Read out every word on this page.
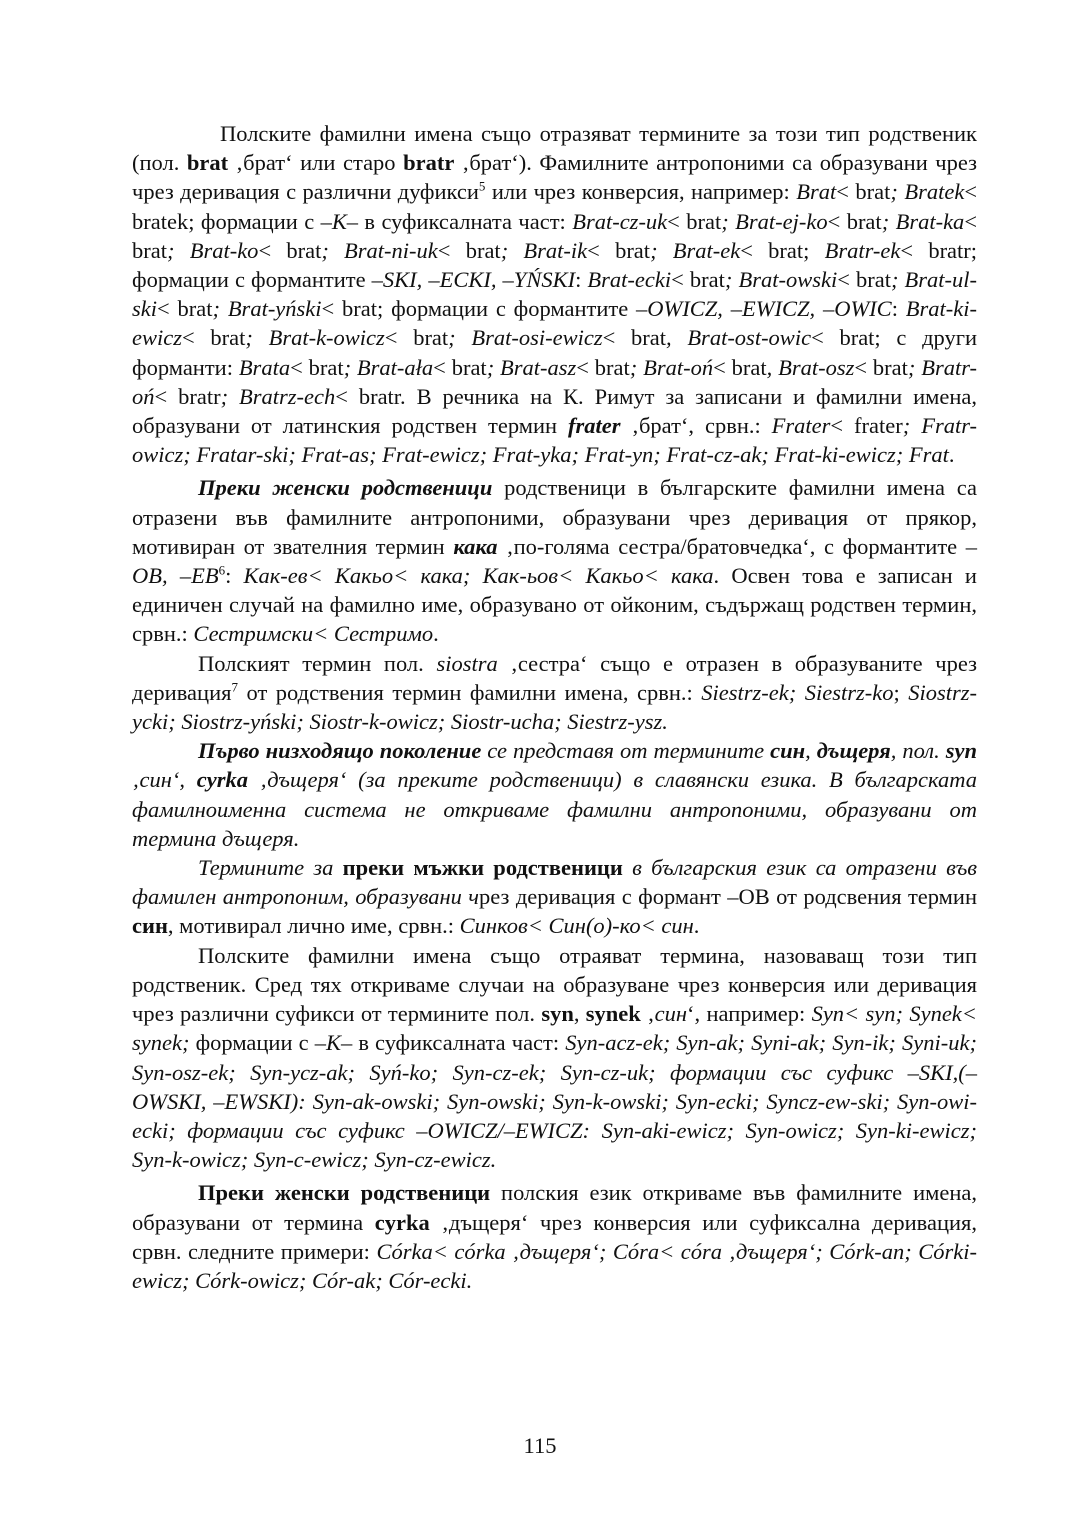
Полските фамилни имена също отразяват термините за този тип родственик (пол. brat ‚брат‘ или старо bratr ‚брат‘). Фамилните антропоними са образувани чрез чрез деривация с различни дуфикси$^5$ или чрез конверсия, например: Brat< brat; Bratek< bratek; формации с –К– в суфиксалната част: Brat-cz-uk< brat; Brat-ej-ko< brat; Brat-ka< brat; Brat-ko< brat; Brat-ni-uk< brat; Brat-ik< brat; Brat-ek< brat; Bratr-ek< bratr; формации с формантите –SKI, –ECKI, –YŃSKI: Brat-ecki< brat; Brat-owski< brat; Brat-ul-ski< brat; Brat-yński< brat; формации с формантите –OWICZ, –EWICZ, –OWIC: Brat-ki-ewicz< brat; Brat-k-owicz< brat; Brat-osi-ewicz< brat, Brat-ost-owic< brat; с други форманти: Brata< brat; Brat-ała< brat; Brat-asz< brat; Brat-oń< brat, Brat-osz< brat; Bratr-oń< bratr; Bratrz-ech< bratr. В речника на К. Римут за записани и фамилни имена, образувани от латинския родствен термин frater ‚брат‘, срвн.: Frater< frater; Fratr-owicz; Fratar-ski; Frat-as; Frat-ewicz; Frat-yka; Frat-yn; Frat-cz-ak; Frat-ki-ewicz; Frat.

Преки женски родственици родственици в българските фамилни имена са отразени във фамилните антропоними, образувани чрез деривация от прякор, мотивиран от звателния термин кака ‚по-голяма сестра/братовчедка‘, с формантите –ОВ, $-ЕВ^6$: Как-ев< Какьо< кака; Как-ьов< Какьо< кака. Освен това е записан и единичен случай на фамилно име, образувано от ойконим, съдържащ родствен термин, срвн.: Сестримски< Сестримо.

Полският термин пол. siostra ‚сестра‘ също е отразен в образуваните чрез деривация$^7$ от родствения термин фамилни имена, срвн.: Siestrz-ek; Siestrz-ko; Siostrz-ycki; Siostrz-yński; Siostr-k-owicz; Siostr-ucha; Siestrz-ysz.

Първо низходящо поколение се представя от термините син, дъщеря, пол. syn ‚син‘, cyrka ‚дъщеря‘ (за преките родственици) в славянски езика. В българската фамилноименна система не откриваме фамилни антропоними, образувани от термина дъщеря.

Термините за преки мъжки родственици в българския език са отразени във фамилен антропоним, образувани чрез деривация с формант –ОВ от родсвения термин син, мотивирал лично име, срвн.: Синков< Син(о)-ко< син.

Полските фамилни имена също отраяват термина, назоваващ този тип родственик. Сред тях откриваме случаи на образуване чрез конверсия или деривация чрез различни суфикси от термините пол. syn, synek ‚син‘, например: Syn< syn; Synek< synek; формации с –К– в суфиксалната част: Syn-acz-ek; Syn-ak; Syni-ak; Syn-ik; Syni-uk; Syn-osz-ek; Syn-ycz-ak; Syń-ko; Syn-cz-ek; Syn-cz-uk; формации със суфикс –SKI,(–OWSKI, –EWSKI): Syn-ak-owski; Syn-owski; Syn-k-owski; Syn-ecki; Syncz-ew-ski; Syn-owi-ecki; формации със суфикс –OWICZ/–EWICZ: Syn-aki-ewicz; Syn-owicz; Syn-ki-ewicz; Syn-k-owicz; Syn-c-ewicz; Syn-cz-ewicz.

Преки женски родственици полския език откриваме във фамилните имена, образувани от термина cyrka ‚дъщеря‘ чрез конверсия или суфиксална деривация, срвн. следните примери: Córka< córka ‚дъщеря‘; Córa< córa ‚дъщеря‘; Córk-an; Córki-ewicz; Córk-owicz; Cór-ak; Cór-ecki.

115
